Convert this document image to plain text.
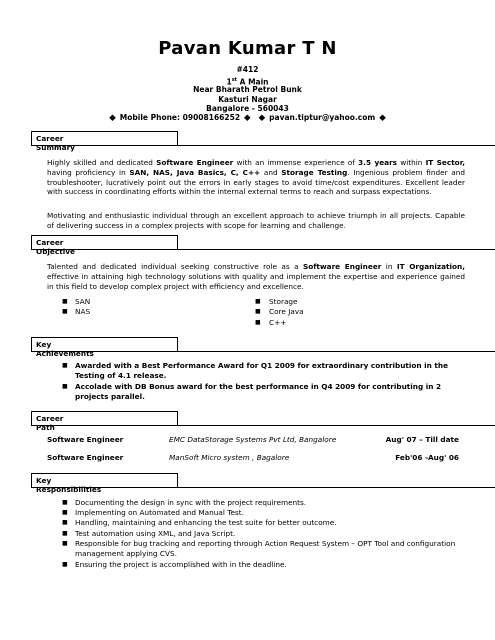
Pavan Kumar T N
#412
1st A Main
Near Bharath Petrol Bunk
Kasturi Nagar
Bangalore - 560043
◆ Mobile Phone: 09008166252 ◆ ◆ pavan.tiptur@yahoo.com ◆
Career Summary
Highly skilled and dedicated Software Engineer with an immense experience of 3.5 years within IT Sector, having proficiency in SAN, NAS, Java Basics, C, C++ and Storage Testing. Ingenious problem finder and troubleshooter, lucratively point out the errors in early stages to avoid time/cost expenditures. Excellent leader with success in coordinating efforts within the internal external terms to reach and surpass expectations.
Motivating and enthusiastic individual through an excellent approach to achieve triumph in all projects. Capable of delivering success in a complex projects with scope for learning and challenge.
Career Objective
Talented and dedicated individual seeking constructive role as a Software Engineer in IT Organization, effective in attaining high technology solutions with quality and implement the expertise and experience gained in this field to develop complex project with efficiency and excellence.
■ SAN
■ NAS
■ Storage
■ Core Java
■ C++
Key Achievements
■ Awarded with a Best Performance Award for Q1 2009 for extraordinary contribution in the Testing of 4.1 release.
■ Accolade with DB Bonus award for the best performance in Q4 2009 for contributing in 2 projects parallel.
Career Path
Software Engineer	EMC DataStorage Systems Pvt Ltd, Bangalore	Aug' 07 – Till date
Software Engineer	ManSoft Micro system , Bagalore	Feb'06 -Aug' 06
Key Responsibilities
■ Documenting the design in sync with the project requirements.
■ Implementing on Automated and Manual Test.
■ Handling, maintaining and enhancing the test suite for better outcome.
■ Test automation using XML, and Java Script.
■ Responsible for bug tracking and reporting through Action Request System – OPT Tool and configuration management applying CVS.
■ Ensuring the project is accomplished with in the deadline.
